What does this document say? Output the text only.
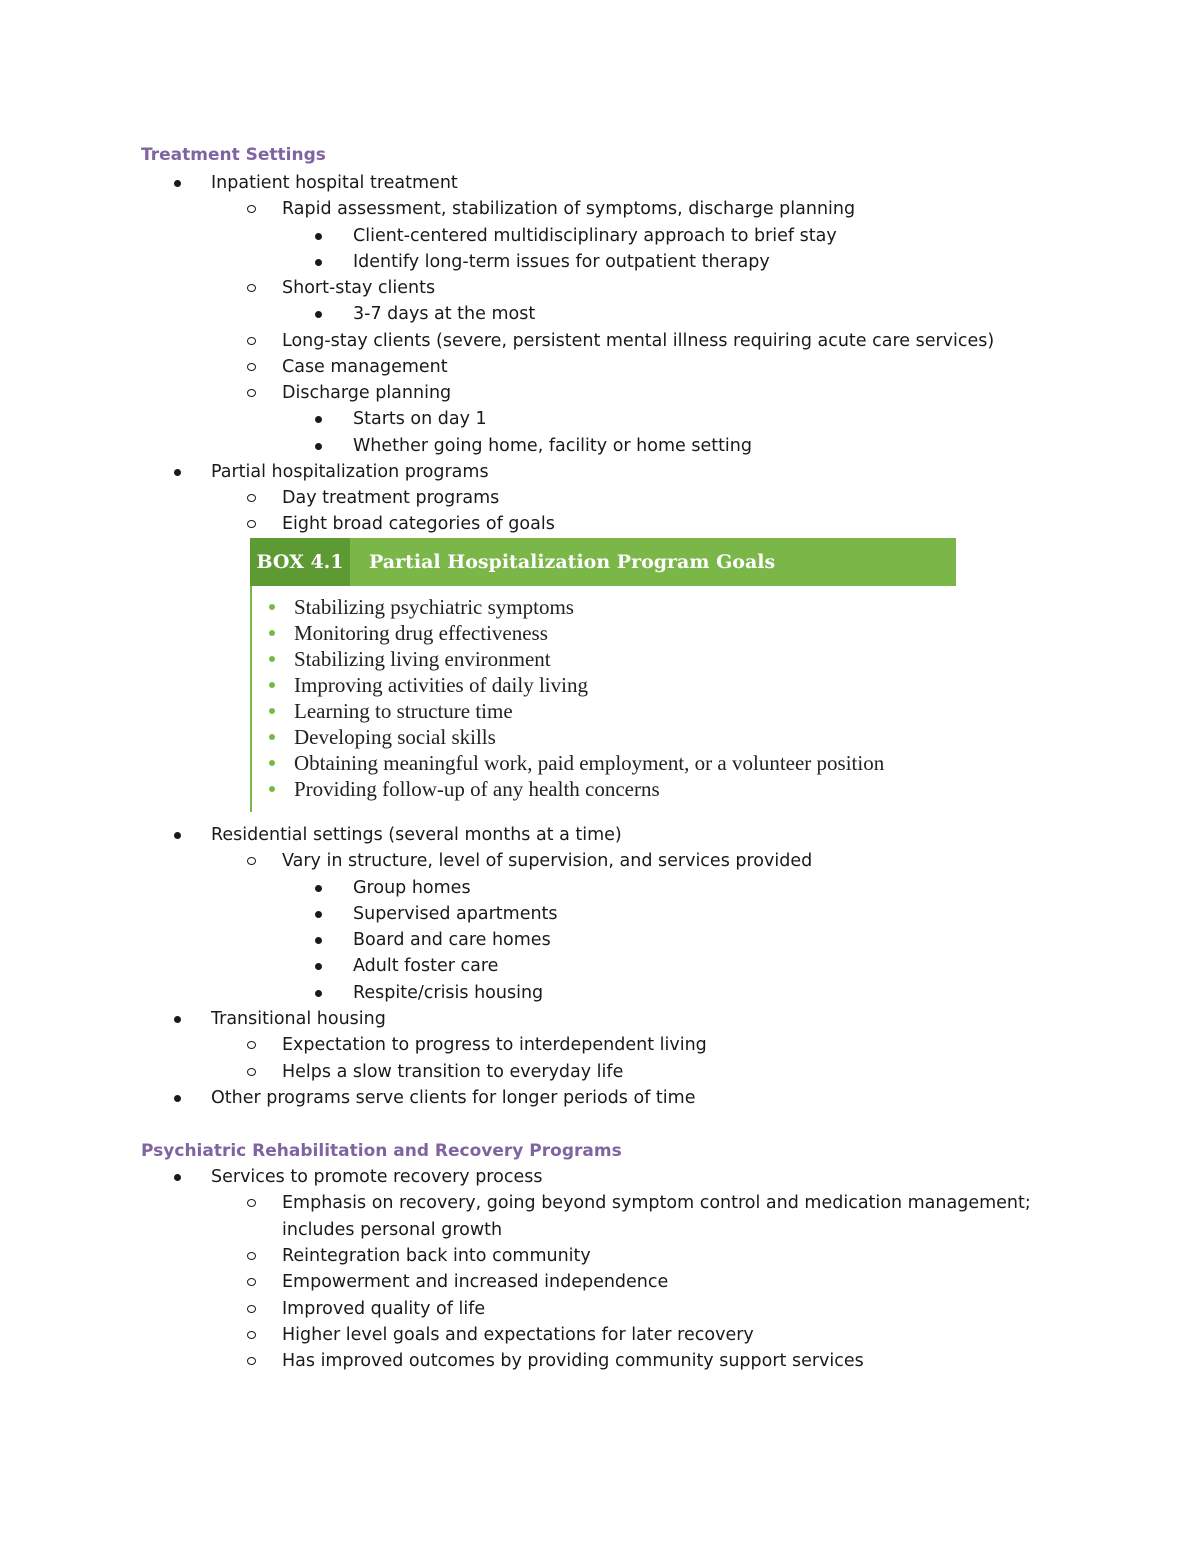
Treatment Settings
Inpatient hospital treatment
Rapid assessment, stabilization of symptoms, discharge planning
Client-centered multidisciplinary approach to brief stay
Identify long-term issues for outpatient therapy
Short-stay clients
3-7 days at the most
Long-stay clients (severe, persistent mental illness requiring acute care services)
Case management
Discharge planning
Starts on day 1
Whether going home, facility or home setting
Partial hospitalization programs
Day treatment programs
Eight broad categories of goals
BOX 4.1	Partial Hospitalization Program Goals
Stabilizing psychiatric symptoms
Monitoring drug effectiveness
Stabilizing living environment
Improving activities of daily living
Learning to structure time
Developing social skills
Obtaining meaningful work, paid employment, or a volunteer position
Providing follow-up of any health concerns
Residential settings (several months at a time)
Vary in structure, level of supervision, and services provided
Group homes
Supervised apartments
Board and care homes
Adult foster care
Respite/crisis housing
Transitional housing
Expectation to progress to interdependent living
Helps a slow transition to everyday life
Other programs serve clients for longer periods of time
Psychiatric Rehabilitation and Recovery Programs
Services to promote recovery process
Emphasis on recovery, going beyond symptom control and medication management;
includes personal growth
Reintegration back into community
Empowerment and increased independence
Improved quality of life
Higher level goals and expectations for later recovery
Has improved outcomes by providing community support services
